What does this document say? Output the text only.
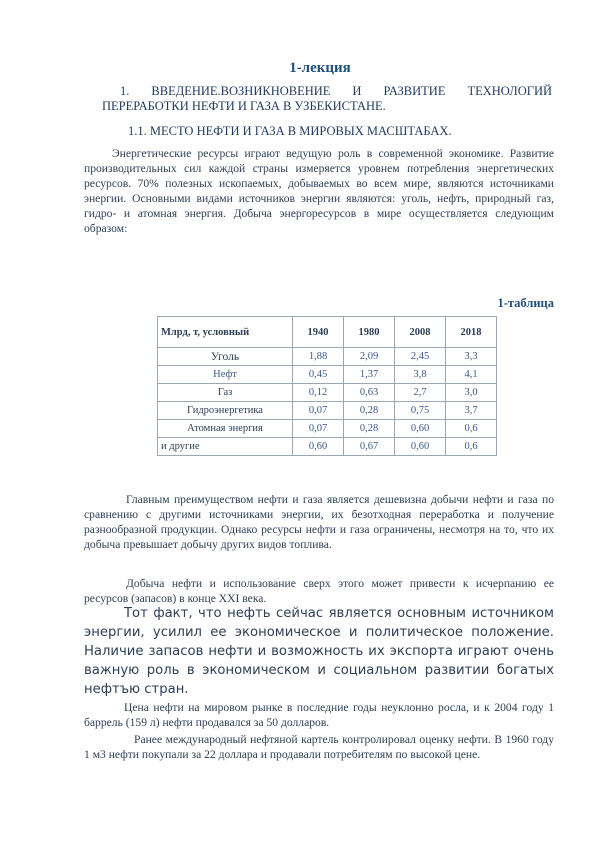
1-лекция
1. ВВЕДЕНИЕ.ВОЗНИКНОВЕНИЕ И РАЗВИТИЕ ТЕХНОЛОГИЙ ПЕРЕРАБОТКИ НЕФТИ И ГАЗА В УЗБЕКИСТАНЕ.
1.1. МЕСТО НЕФТИ И ГАЗА В МИРОВЫХ МАСШТАБАХ.
Энергетические ресурсы играют ведущую роль в современной экономике. Развитие производительных сил каждой страны измеряется уровнем потребления энергетических ресурсов. 70% полезных ископаемых, добываемых во всем мире, являются источниками энергии. Основными видами источников энергии являются: уголь, нефть, природный газ, гидро- и атомная энергия. Добыча энергоресурсов в мире осуществляется следующим образом:
1-таблица
Млрд, т, условный	1940	1980	2008	2018
Уголь	1,88	2,09	2,45	3,3
Нефт	0,45	1,37	3,8	4,1
Газ	0,12	0,63	2,7	3,0
Гидроэнергетика	0,07	0,28	0,75	3,7
Атомная энергия	0,07	0,28	0,60	0,6
и другие	0,60	0,67	0,60	0,6
Главным преимуществом нефти и газа является дешевизна добычи нефти и газа по сравнению с другими источниками энергии, их безотходная переработка и получение разнообразной продукции. Однако ресурсы нефти и газа ограничены, несмотря на то, что их добыча превышает добычу других видов топлива.
Добыча нефти и использование сверх этого может привести к исчерпанию ее ресурсов (запасов) в конце XXI века.
Тот факт, что нефть сейчас является основным источником энергии, усилил ее экономическое и политическое положение. Наличие запасов нефти и возможность их экспорта играют очень важную роль в экономическом и социальном развитии богатых нефтъю стран.
Цена нефти на мировом рынке в последние годы неуклонно росла, и к 2004 году 1 баррель (159 л) нефти продавался за 50 долларов.
Ранее международный нефтяной картель контролировал оценку нефти. В 1960 году 1 м3 нефти покупали за 22 доллара и продавали потребителям по высокой цене.
